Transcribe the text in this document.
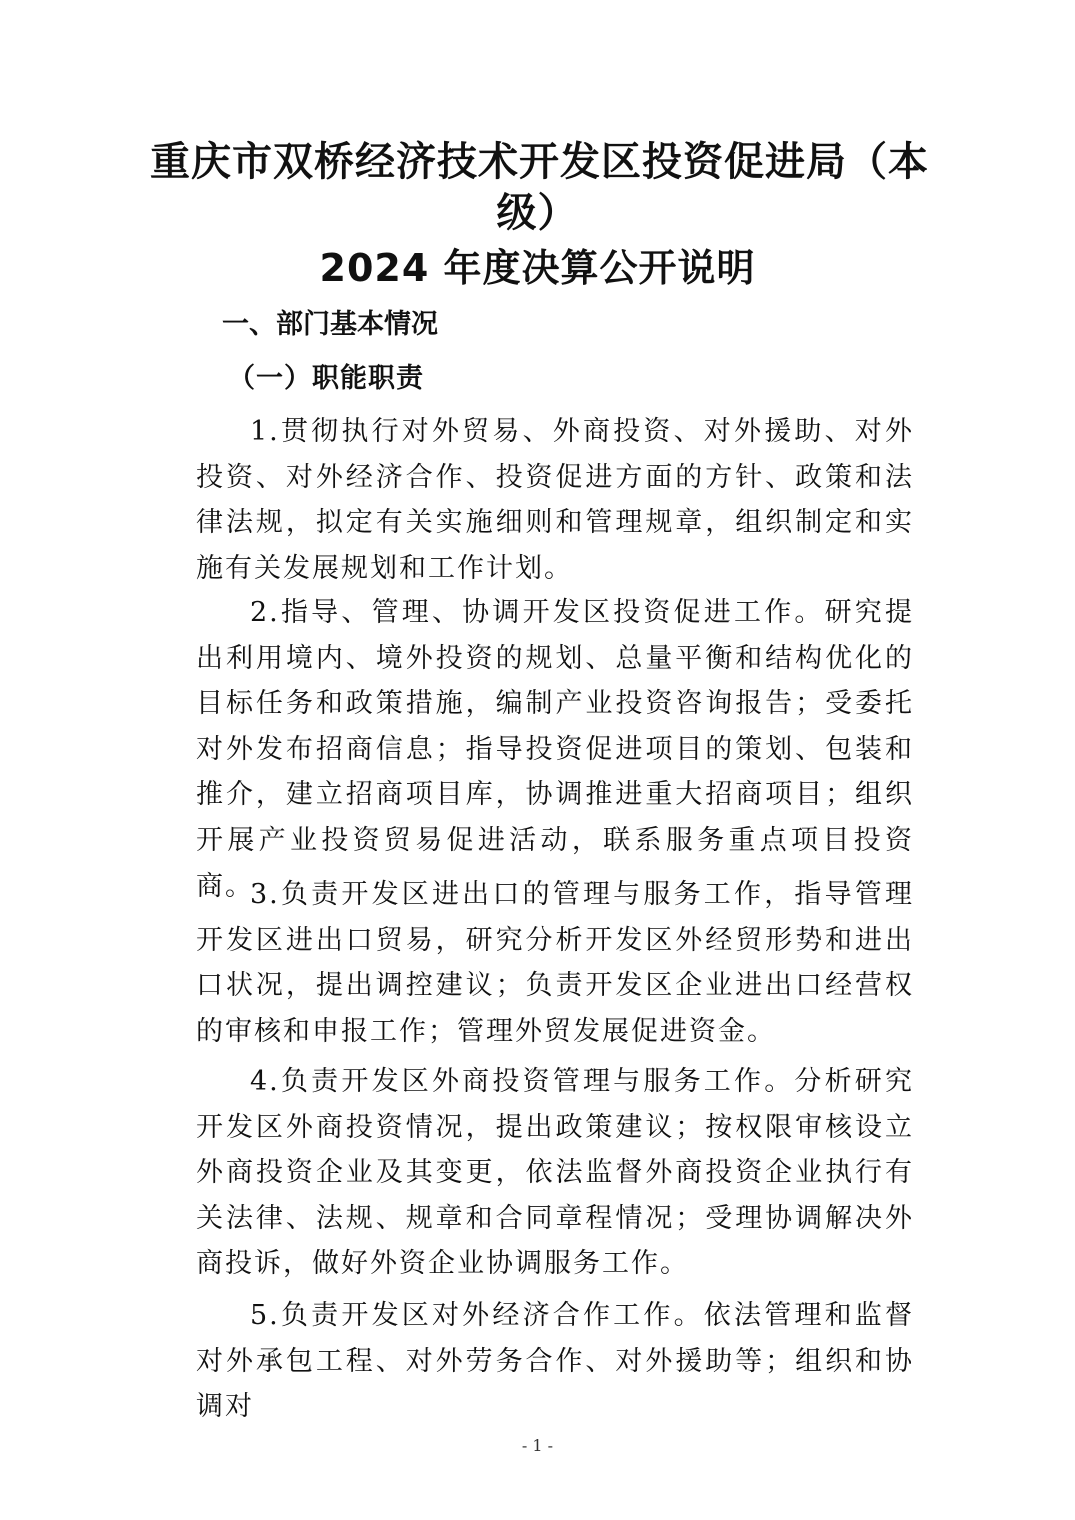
重庆市双桥经济技术开发区投资促进局（本
级）
2024 年度决算公开说明
一、部门基本情况
（一）职能职责

1.贯彻执行对外贸易、外商投资、对外援助、对外投资、对外经济合作、投资促进方面的方针、政策和法律法规，拟定有关实施细则和管理规章，组织制定和实施有关发展规划和工作计划。

2.指导、管理、协调开发区投资促进工作。研究提出利用境内、境外投资的规划、总量平衡和结构优化的目标任务和政策措施，编制产业投资咨询报告；受委托对外发布招商信息；指导投资促进项目的策划、包装和推介，建立招商项目库，协调推进重大招商项目；组织开展产业投资贸易促进活动，联系服务重点项目投资商。

3.负责开发区进出口的管理与服务工作，指导管理开发区进出口贸易，研究分析开发区外经贸形势和进出口状况，提出调控建议；负责开发区企业进出口经营权的审核和申报工作；管理外贸发展促进资金。

4.负责开发区外商投资管理与服务工作。分析研究开发区外商投资情况，提出政策建议；按权限审核设立外商投资企业及其变更，依法监督外商投资企业执行有关法律、法规、规章和合同章程情况；受理协调解决外商投诉，做好外资企业协调服务工作。

5.负责开发区对外经济合作工作。依法管理和监督对外承包工程、对外劳务合作、对外援助等；组织和协调对

- 1 -
